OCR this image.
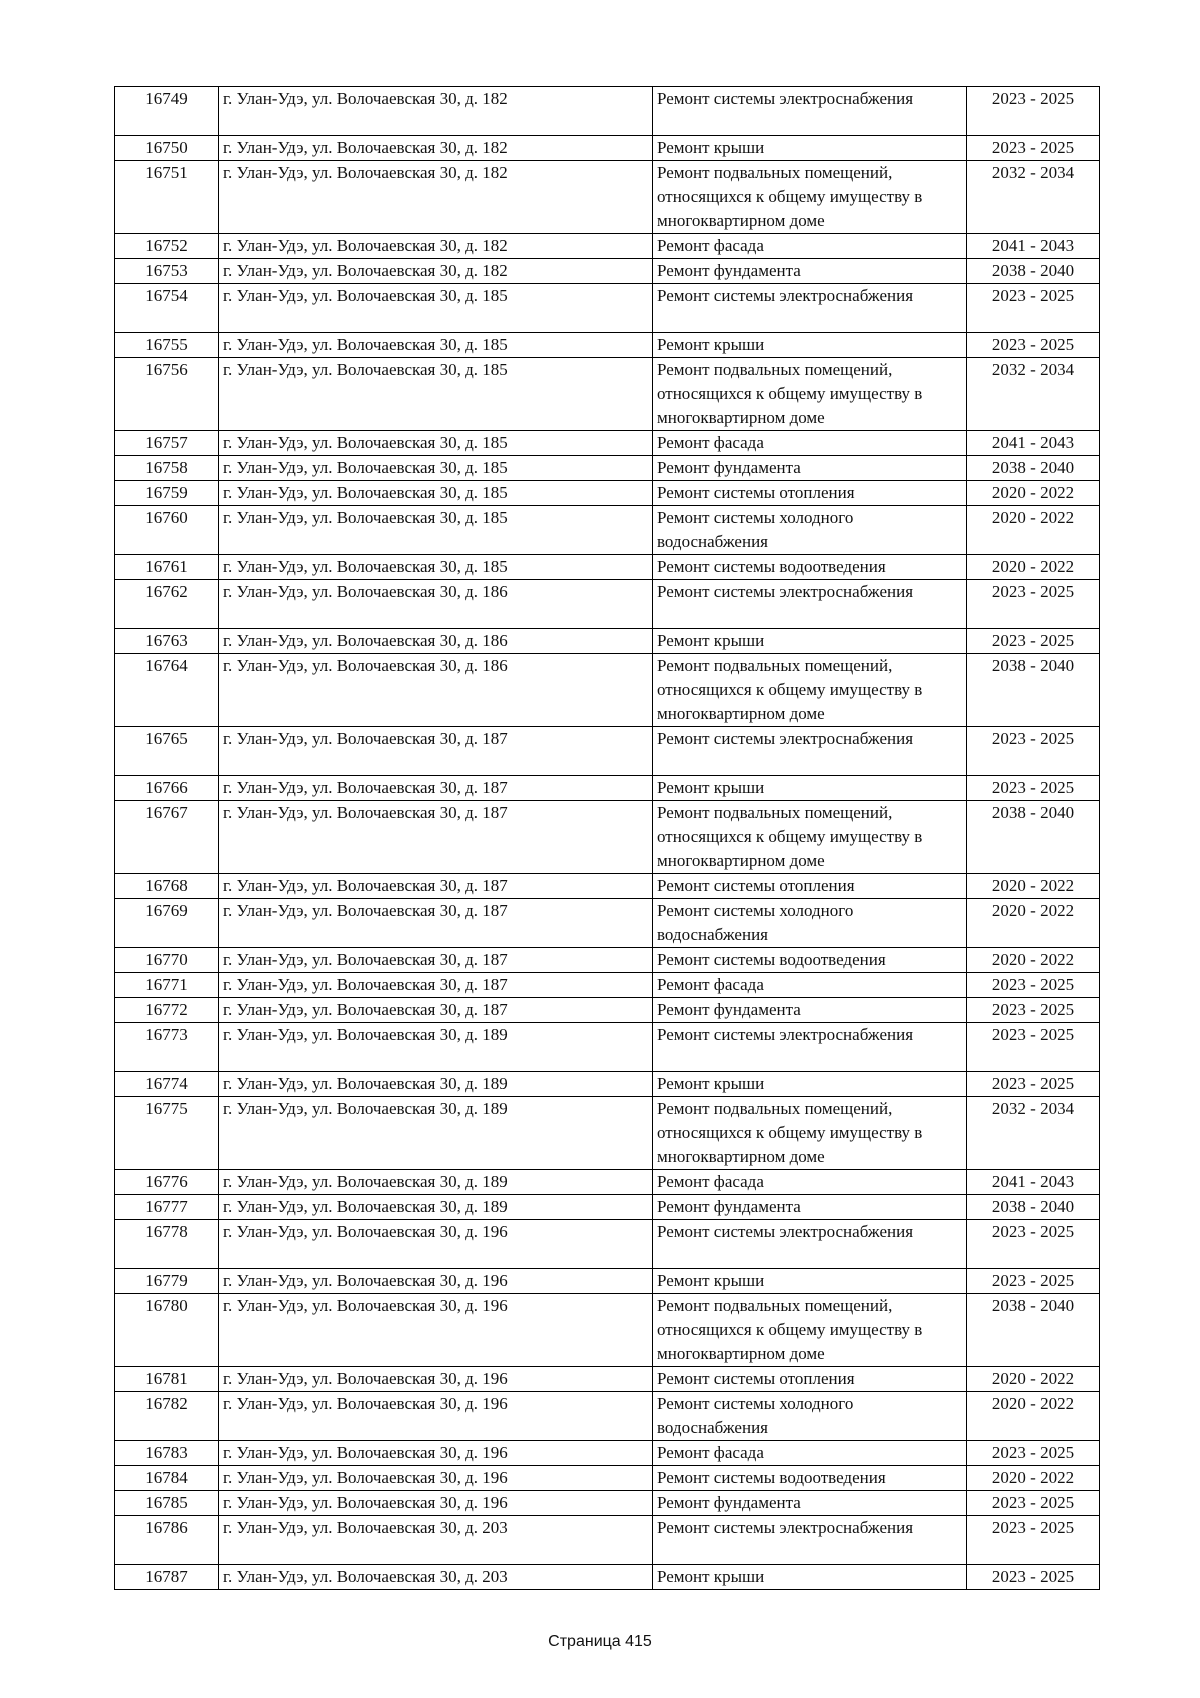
16749	г. Улан-Удэ, ул. Волочаевская 30, д. 182	Ремонт системы электроснабжения	2023 - 2025
16750	г. Улан-Удэ, ул. Волочаевская 30, д. 182	Ремонт крыши	2023 - 2025
16751	г. Улан-Удэ, ул. Волочаевская 30, д. 182	Ремонт подвальных помещений, относящихся к общему имуществу в многоквартирном доме	2032 - 2034
16752	г. Улан-Удэ, ул. Волочаевская 30, д. 182	Ремонт фасада	2041 - 2043
16753	г. Улан-Удэ, ул. Волочаевская 30, д. 182	Ремонт фундамента	2038 - 2040
16754	г. Улан-Удэ, ул. Волочаевская 30, д. 185	Ремонт системы электроснабжения	2023 - 2025
16755	г. Улан-Удэ, ул. Волочаевская 30, д. 185	Ремонт крыши	2023 - 2025
16756	г. Улан-Удэ, ул. Волочаевская 30, д. 185	Ремонт подвальных помещений, относящихся к общему имуществу в многоквартирном доме	2032 - 2034
16757	г. Улан-Удэ, ул. Волочаевская 30, д. 185	Ремонт фасада	2041 - 2043
16758	г. Улан-Удэ, ул. Волочаевская 30, д. 185	Ремонт фундамента	2038 - 2040
16759	г. Улан-Удэ, ул. Волочаевская 30, д. 185	Ремонт системы отопления	2020 - 2022
16760	г. Улан-Удэ, ул. Волочаевская 30, д. 185	Ремонт системы холодного водоснабжения	2020 - 2022
16761	г. Улан-Удэ, ул. Волочаевская 30, д. 185	Ремонт системы водоотведения	2020 - 2022
16762	г. Улан-Удэ, ул. Волочаевская 30, д. 186	Ремонт системы электроснабжения	2023 - 2025
16763	г. Улан-Удэ, ул. Волочаевская 30, д. 186	Ремонт крыши	2023 - 2025
16764	г. Улан-Удэ, ул. Волочаевская 30, д. 186	Ремонт подвальных помещений, относящихся к общему имуществу в многоквартирном доме	2038 - 2040
16765	г. Улан-Удэ, ул. Волочаевская 30, д. 187	Ремонт системы электроснабжения	2023 - 2025
16766	г. Улан-Удэ, ул. Волочаевская 30, д. 187	Ремонт крыши	2023 - 2025
16767	г. Улан-Удэ, ул. Волочаевская 30, д. 187	Ремонт подвальных помещений, относящихся к общему имуществу в многоквартирном доме	2038 - 2040
16768	г. Улан-Удэ, ул. Волочаевская 30, д. 187	Ремонт системы отопления	2020 - 2022
16769	г. Улан-Удэ, ул. Волочаевская 30, д. 187	Ремонт системы холодного водоснабжения	2020 - 2022
16770	г. Улан-Удэ, ул. Волочаевская 30, д. 187	Ремонт системы водоотведения	2020 - 2022
16771	г. Улан-Удэ, ул. Волочаевская 30, д. 187	Ремонт фасада	2023 - 2025
16772	г. Улан-Удэ, ул. Волочаевская 30, д. 187	Ремонт фундамента	2023 - 2025
16773	г. Улан-Удэ, ул. Волочаевская 30, д. 189	Ремонт системы электроснабжения	2023 - 2025
16774	г. Улан-Удэ, ул. Волочаевская 30, д. 189	Ремонт крыши	2023 - 2025
16775	г. Улан-Удэ, ул. Волочаевская 30, д. 189	Ремонт подвальных помещений, относящихся к общему имуществу в многоквартирном доме	2032 - 2034
16776	г. Улан-Удэ, ул. Волочаевская 30, д. 189	Ремонт фасада	2041 - 2043
16777	г. Улан-Удэ, ул. Волочаевская 30, д. 189	Ремонт фундамента	2038 - 2040
16778	г. Улан-Удэ, ул. Волочаевская 30, д. 196	Ремонт системы электроснабжения	2023 - 2025
16779	г. Улан-Удэ, ул. Волочаевская 30, д. 196	Ремонт крыши	2023 - 2025
16780	г. Улан-Удэ, ул. Волочаевская 30, д. 196	Ремонт подвальных помещений, относящихся к общему имуществу в многоквартирном доме	2038 - 2040
16781	г. Улан-Удэ, ул. Волочаевская 30, д. 196	Ремонт системы отопления	2020 - 2022
16782	г. Улан-Удэ, ул. Волочаевская 30, д. 196	Ремонт системы холодного водоснабжения	2020 - 2022
16783	г. Улан-Удэ, ул. Волочаевская 30, д. 196	Ремонт фасада	2023 - 2025
16784	г. Улан-Удэ, ул. Волочаевская 30, д. 196	Ремонт системы водоотведения	2020 - 2022
16785	г. Улан-Удэ, ул. Волочаевская 30, д. 196	Ремонт фундамента	2023 - 2025
16786	г. Улан-Удэ, ул. Волочаевская 30, д. 203	Ремонт системы электроснабжения	2023 - 2025
16787	г. Улан-Удэ, ул. Волочаевская 30, д. 203	Ремонт крыши	2023 - 2025
Страница 415
